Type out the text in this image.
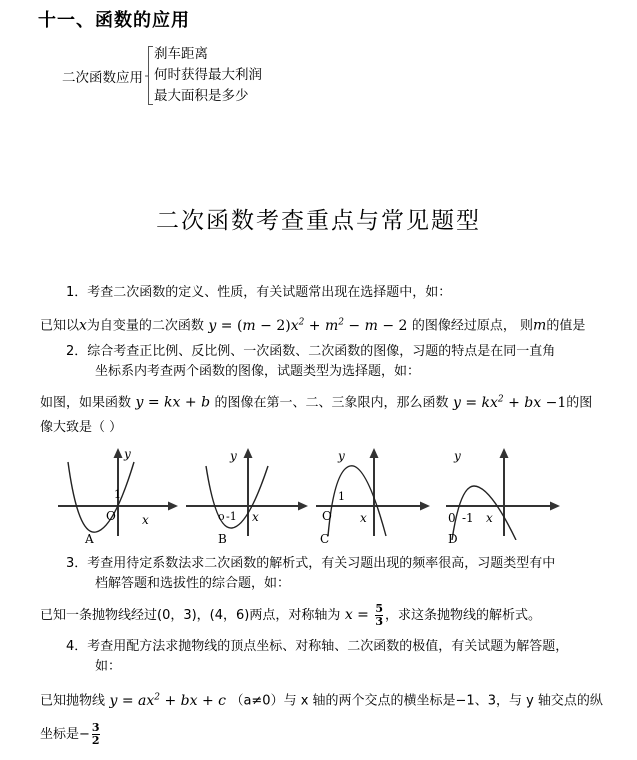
十一、函数的应用
二次函数应用
刹车距离
何时获得最大利润
最大面积是多少
二次函数考查重点与常见题型
1．考查二次函数的定义、性质，有关试题常出现在选择题中，如：
已知以x为自变量的二次函数 $y = (m - 2)x^2 + m^2 - m - 2$ 的图像经过原点， 则m的值是
2．综合考查正比例、反比例、一次函数、二次函数的图像，习题的特点是在同一直角
坐标系内考查两个函数的图像，试题类型为选择题，如：
如图，如果函数 y = kx + b 的图像在第一、二、三象限内，那么函数 $y = kx^2$ + bx −1的图
像大致是（ ）
O x
y
1
A
o -1 x
y
B
O
1
x
y
C
0 -1 x
y
D
3．考查用待定系数法求二次函数的解析式，有关习题出现的频率很高，习题类型有中
档解答题和选拔性的综合题，如：
已知一条抛物线经过(0，3)，(4，6)两点，对称轴为 $x = \frac{5}{3}$ ，求这条抛物线的解析式。
4．考查用配方法求抛物线的顶点坐标、对称轴、二次函数的极值，有关试题为解答题，
如：
已知抛物线 $y = ax^2$ + bx + c （a≠0）与 x 轴的两个交点的横坐标是−1、3，与 y 轴交点的纵
坐标是− $\frac{3}{2}$
